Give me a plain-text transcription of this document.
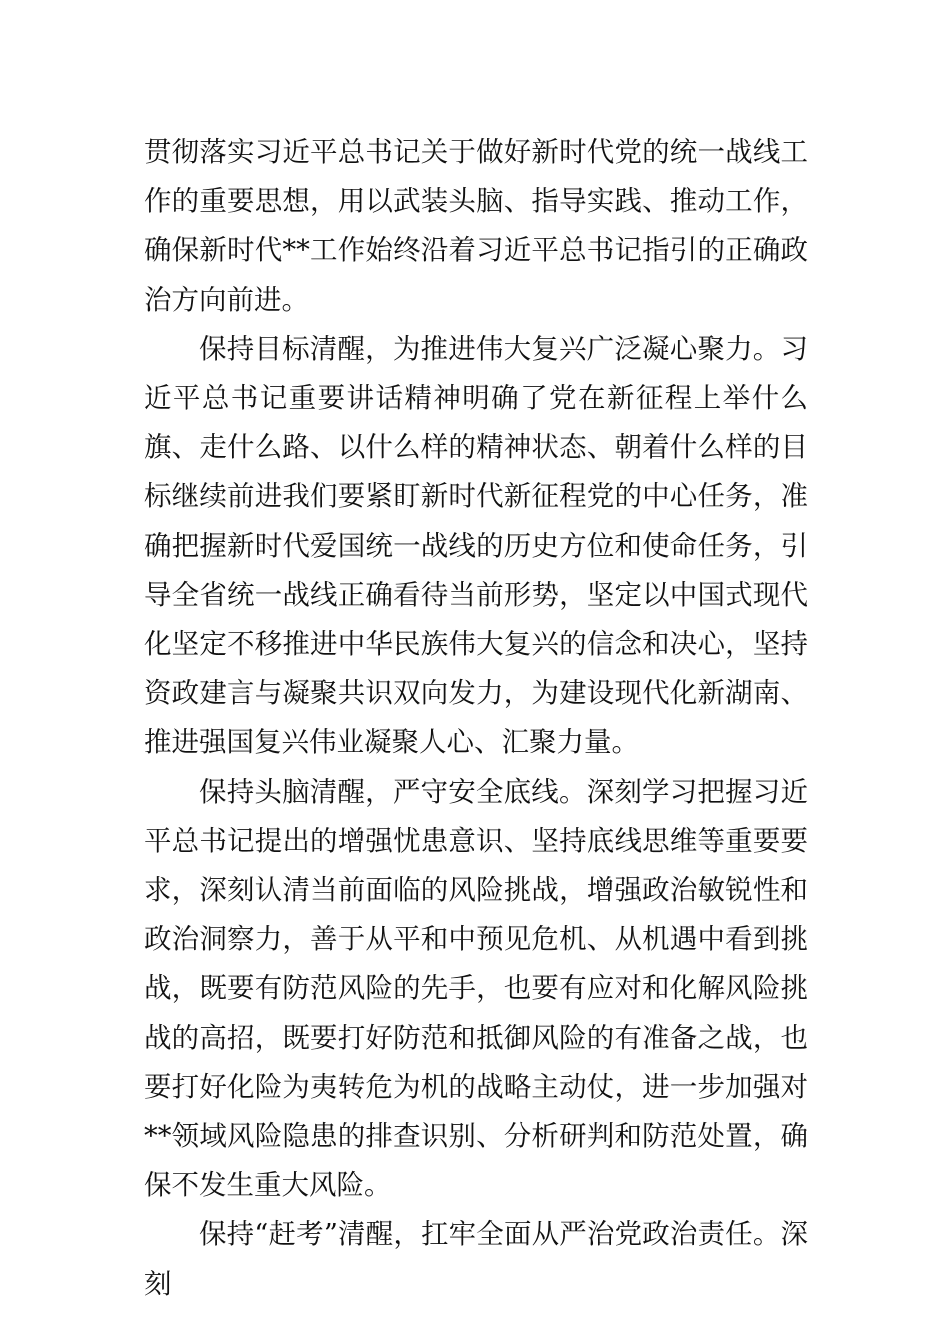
贯彻落实习近平总书记关于做好新时代党的统一战线工作的重要思想，用以武装头脑、指导实践、推动工作，确保新时代**工作始终沿着习近平总书记指引的正确政治方向前进。

保持目标清醒，为推进伟大复兴广泛凝心聚力。习近平总书记重要讲话精神明确了党在新征程上举什么旗、走什么路、以什么样的精神状态、朝着什么样的目标继续前进我们要紧盯新时代新征程党的中心任务，准确把握新时代爱国统一战线的历史方位和使命任务，引导全省统一战线正确看待当前形势，坚定以中国式现代化坚定不移推进中华民族伟大复兴的信念和决心，坚持资政建言与凝聚共识双向发力，为建设现代化新湖南、推进强国复兴伟业凝聚人心、汇聚力量。

保持头脑清醒，严守安全底线。深刻学习把握习近平总书记提出的增强忧患意识、坚持底线思维等重要要求，深刻认清当前面临的风险挑战，增强政治敏锐性和政治洞察力，善于从平和中预见危机、从机遇中看到挑战，既要有防范风险的先手，也要有应对和化解风险挑战的高招，既要打好防范和抵御风险的有准备之战，也要打好化险为夷转危为机的战略主动仗，进一步加强对**领域风险隐患的排查识别、分析研判和防范处置，确保不发生重大风险。

保持“赶考”清醒，扛牢全面从严治党政治责任。深刻
